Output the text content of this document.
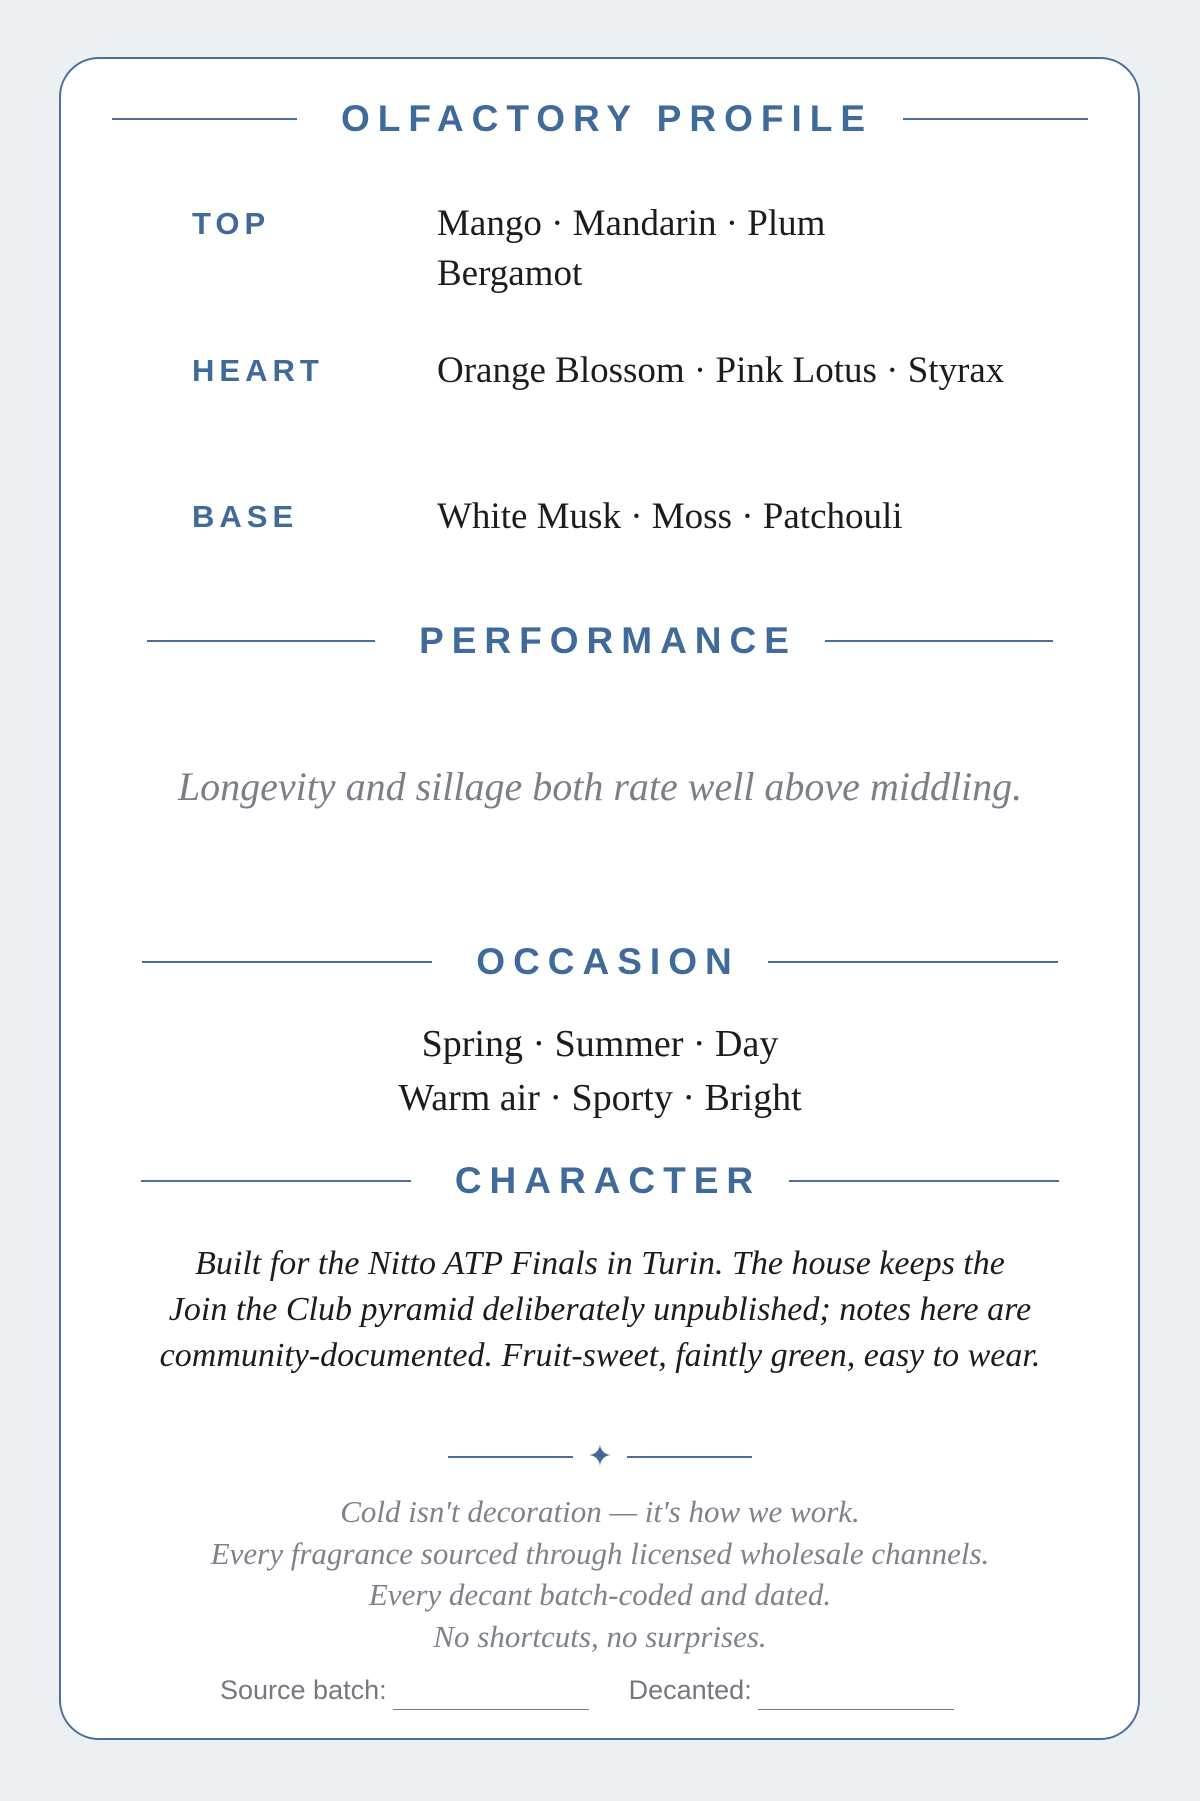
OLFACTORY PROFILE
TOP	Mango · Mandarin · Plum
Bergamot
HEART	Orange Blossom · Pink Lotus · Styrax
BASE	White Musk · Moss · Patchouli
PERFORMANCE
Longevity and sillage both rate well above middling.
OCCASION
Spring · Summer · Day
Warm air · Sporty · Bright
CHARACTER
Built for the Nitto ATP Finals in Turin. The house keeps the
Join the Club pyramid deliberately unpublished; notes here are
community-documented. Fruit-sweet, faintly green, easy to wear.
✦
Cold isn't decoration — it's how we work.
Every fragrance sourced through licensed wholesale channels.
Every decant batch-coded and dated.
No shortcuts, no surprises.
Source batch:	Decanted:
